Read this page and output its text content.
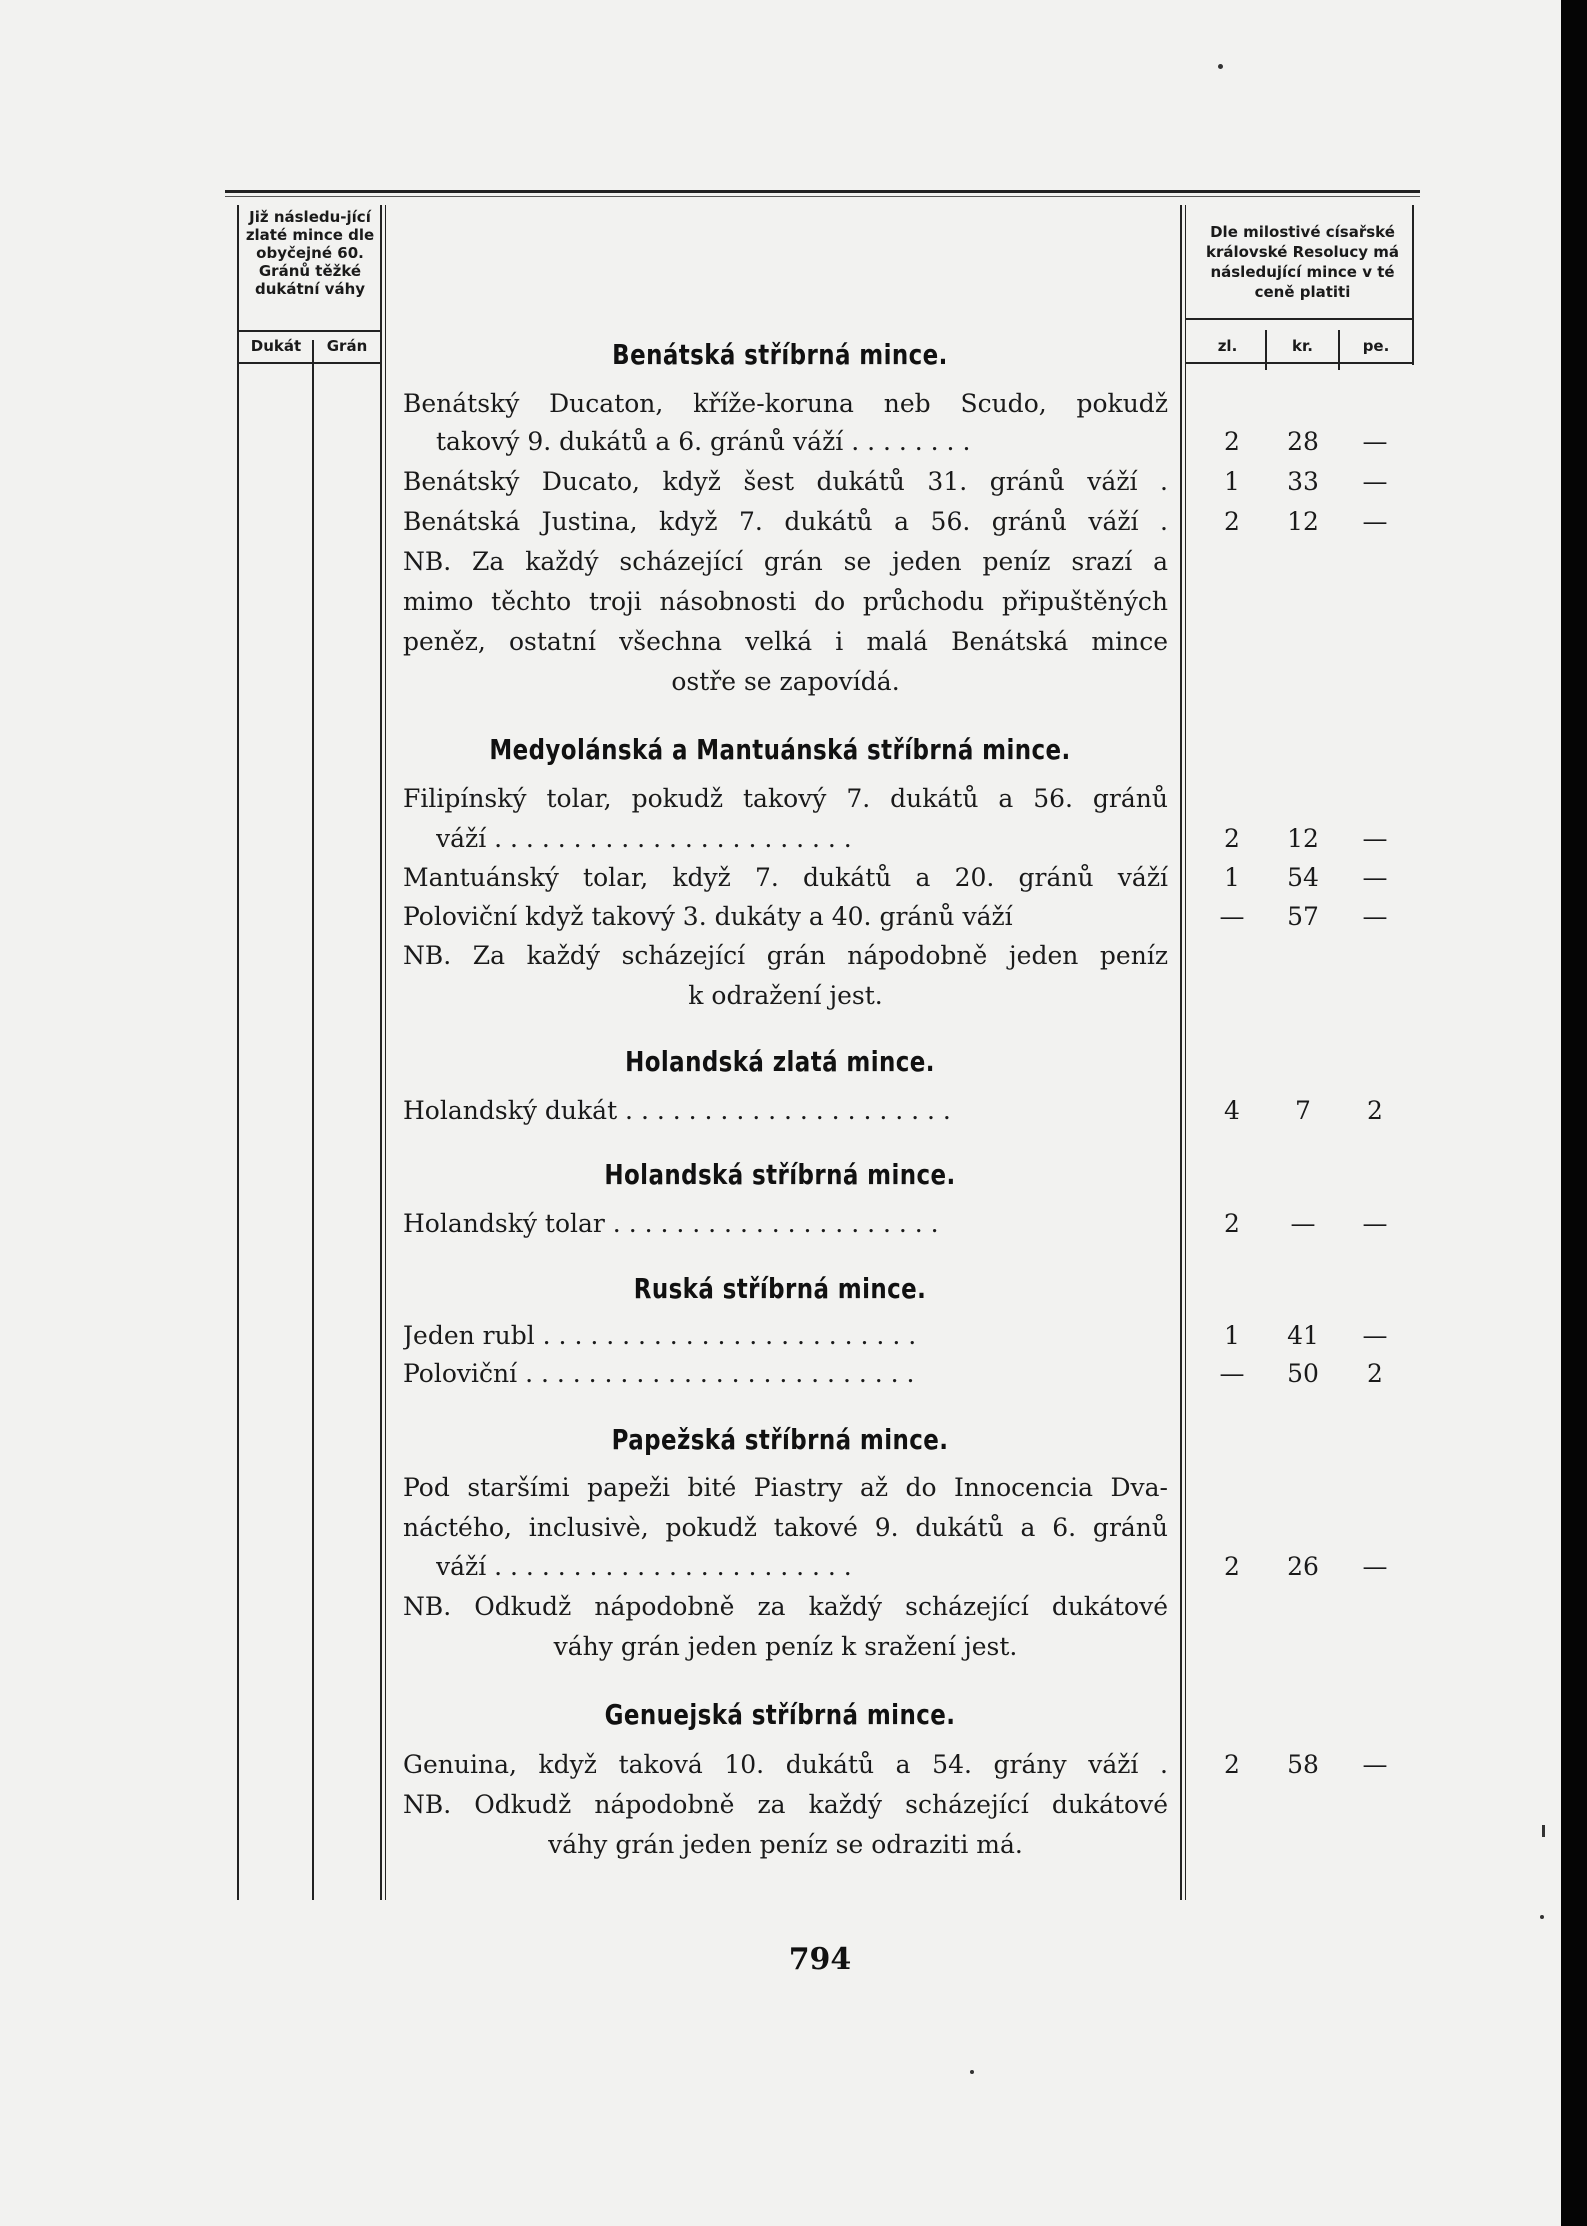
Již následu-jící zlaté mince dle obyčejné 60. Gránů těžké dukátní váhy
Dukát	Grán
Dle milostivé císařské královské Resolucy má následující mince v té ceně platiti
zl.	kr.	pe.
Benátská stříbrná mince.
Benátský Ducaton, kříže-koruna neb Scudo, pokudž
takový 9. dukátů a 6. gránů váží . . . . . . . .	2	28	—
Benátský Ducato, když šest dukátů 31. gránů váží .	1	33	—
Benátská Justina, když 7. dukátů a 56. gránů váží .	2	12	—
NB. Za každý scházející grán se jeden peníz srazí a
mimo těchto troji násobnosti do průchodu připuštěných
peněz, ostatní všechna velká i malá Benátská mince
ostře se zapovídá.
Medyolánská a Mantuánská stříbrná mince.
Filipínský tolar, pokudž takový 7. dukátů a 56. gránů
váží . . . . . . . . . . . . . . . . . . . . . . .	2	12	—
Mantuánský tolar, když 7. dukátů a 20. gránů váží	1	54	—
Poloviční když takový 3. dukáty a 40. gránů váží	—	57	—
NB. Za každý scházející grán nápodobně jeden peníz
k odražení jest.
Holandská zlatá mince.
Holandský dukát . . . . . . . . . . . . . . . . . . . . .	4	7	2
Holandská stříbrná mince.
Holandský tolar . . . . . . . . . . . . . . . . . . . . .	2	—	—
Ruská stříbrná mince.
Jeden rubl . . . . . . . . . . . . . . . . . . . . . . . .	1	41	—
Poloviční . . . . . . . . . . . . . . . . . . . . . . . . .	—	50	2
Papežská stříbrná mince.
Pod staršími papeži bité Piastry až do Innocencia Dva-
náctého, inclusivè, pokudž takové 9. dukátů a 6. gránů
váží . . . . . . . . . . . . . . . . . . . . . . .	2	26	—
NB. Odkudž nápodobně za každý scházející dukátové
váhy grán jeden peníz k sražení jest.
Genuejská stříbrná mince.
Genuina, když taková 10. dukátů a 54. grány váží .	2	58	—
NB. Odkudž nápodobně za každý scházející dukátové
váhy grán jeden peníz se odraziti má.
794
